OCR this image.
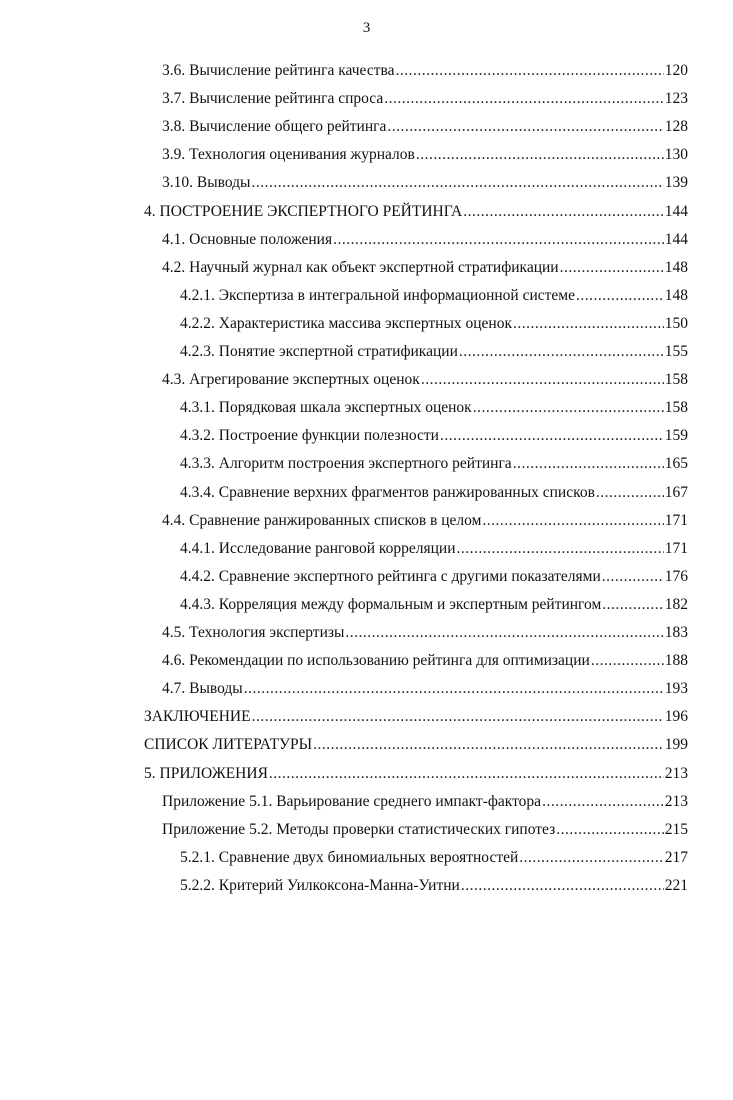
3
3.6. Вычисление рейтинга качества .....	120
3.7. Вычисление рейтинга спроса .....	123
3.8. Вычисление общего рейтинга .....	128
3.9. Технология оценивания журналов .....	130
3.10. Выводы .....	139
4. ПОСТРОЕНИЕ ЭКСПЕРТНОГО РЕЙТИНГА .....	144
4.1. Основные положения .....	144
4.2. Научный журнал как объект экспертной стратификации .....	148
4.2.1. Экспертиза в интегральной информационной системе .....	148
4.2.2. Характеристика массива экспертных оценок .....	150
4.2.3. Понятие экспертной стратификации .....	155
4.3. Агрегирование экспертных оценок .....	158
4.3.1. Порядковая шкала экспертных оценок .....	158
4.3.2. Построение функции полезности .....	159
4.3.3. Алгоритм построения экспертного рейтинга .....	165
4.3.4. Сравнение верхних фрагментов ранжированных списков .....	167
4.4. Сравнение ранжированных списков в целом .....	171
4.4.1. Исследование ранговой корреляции .....	171
4.4.2. Сравнение экспертного рейтинга с другими показателями .....	176
4.4.3. Корреляция между формальным и экспертным рейтингом .....	182
4.5. Технология экспертизы .....	183
4.6. Рекомендации по использованию рейтинга для оптимизации .....	188
4.7. Выводы .....	193
ЗАКЛЮЧЕНИЕ .....	196
СПИСОК ЛИТЕРАТУРЫ .....	199
5. ПРИЛОЖЕНИЯ .....	213
Приложение 5.1. Варьирование среднего импакт-фактора .....	213
Приложение 5.2. Методы проверки статистических гипотез .....	215
5.2.1. Сравнение двух биномиальных вероятностей .....	217
5.2.2. Критерий Уилкоксона-Манна-Уитни .....	221
